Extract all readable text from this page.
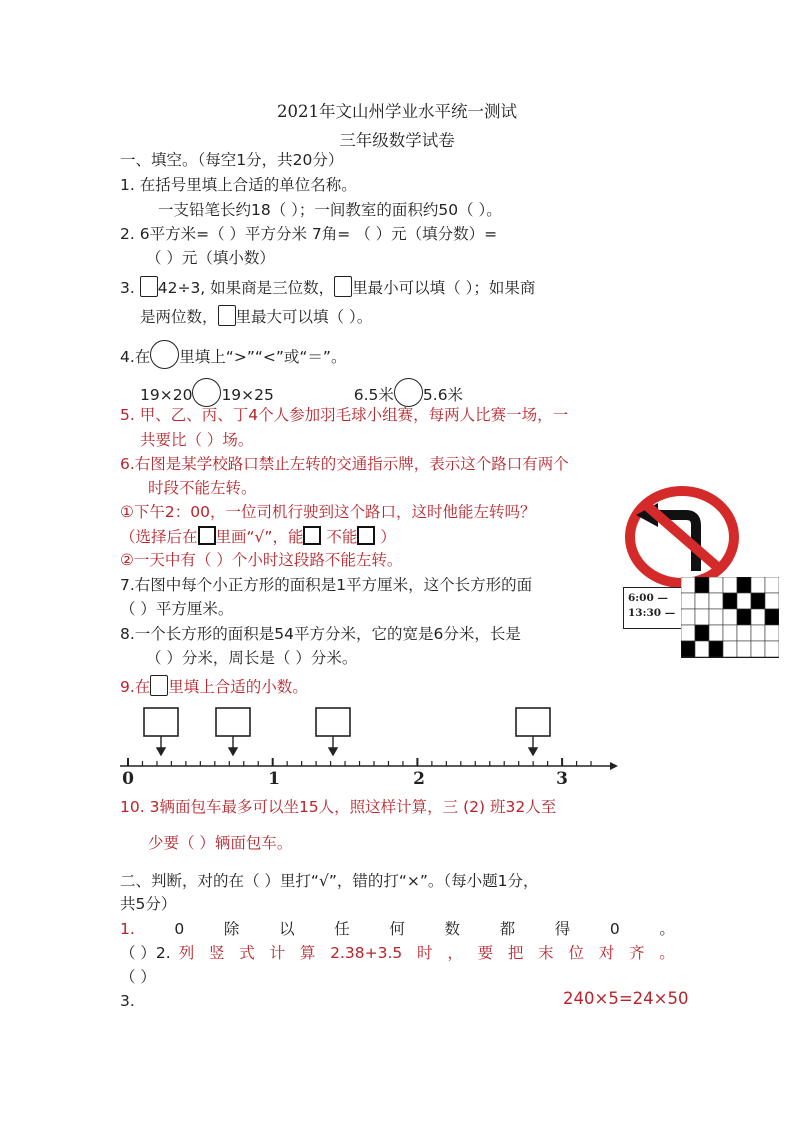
2021年文山州学业水平统一测试
三年级数学试卷
一、填空。（每空1分，共20分）
1. 在括号里填上合适的单位名称。
一支铅笔长约18（ ）；一间教室的面积约50（ ）。
2. 6平方米=（ ）平方分米 7角= （ ）元（填分数）=
（ ）元（填小数）
3. 42÷3, 如果商是三位数， 里最小可以填（ ）；如果商
是两位数， 里最大可以填（ ）。
4.在 里填上“>”“<”或“＝”。
19×20 19×25	6.5米 5.6米
5. 甲、乙、丙、丁4个人参加羽毛球小组赛，每两人比赛一场，一
共要比（ ）场。
6.右图是某学校路口禁止左转的交通指示牌，表示这个路口有两个
时段不能左转。
①下午2：00，一位司机行驶到这个路口，这时他能左转吗？
（选择后在 里画“√”，能 不能 ）
②一天中有（ ）个小时这段路不能左转。
7.右图中每个小正方形的面积是1平方厘米，这个长方形的面
（ ）平方厘米。
8.一个长方形的面积是54平方分米，它的宽是6分米，长是
（ ）分米，周长是（ ）分米。
9.在 里填上合适的小数。
0	1	2	3
10. 3辆面包车最多可以坐15人，照这样计算，三 (2) 班32人至
少要（ ）辆面包车。
二、判断，对的在（ ）里打“√”，错的打“×”。（每小题1分，
共5分）
1.	0	除	以	任	何	数	都	得	0	。
（ ）2. 列 竖 式 计 算 2.38+3.5 时 ， 要 把 末 位 对 齐 。
（ ）
3.	240×5=24×50
6:00 —
13:30 —
